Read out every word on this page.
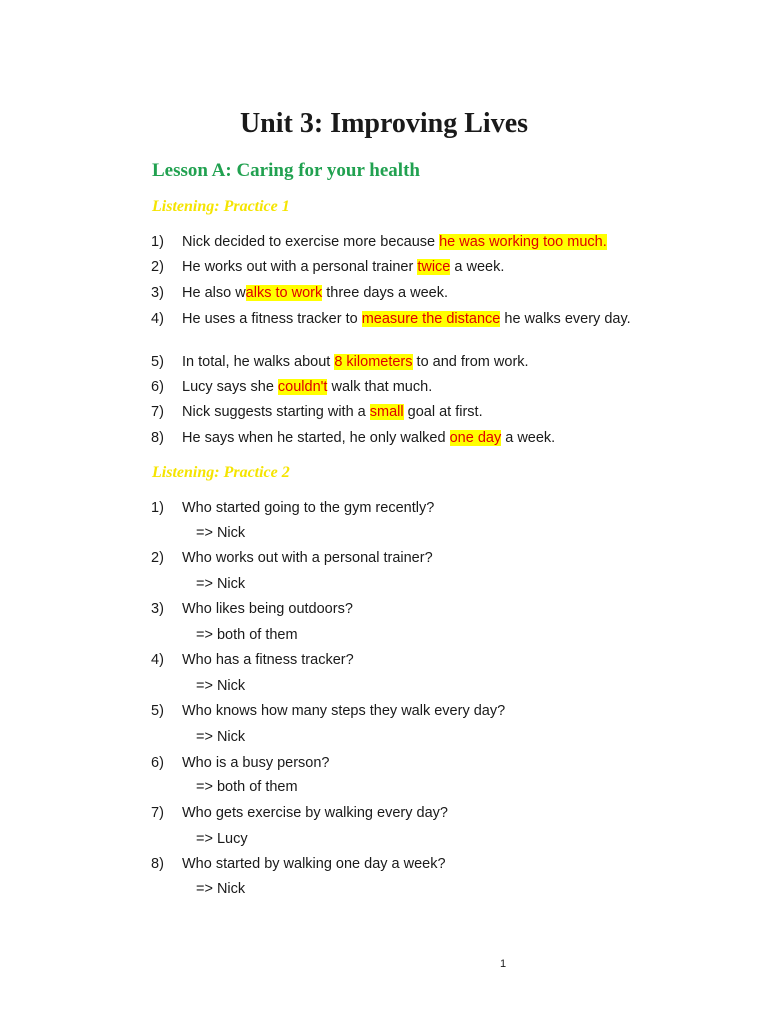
Unit 3: Improving Lives
Lesson A: Caring for your health
Listening: Practice 1
1) Nick decided to exercise more because he was working too much.
2) He works out with a personal trainer twice a week.
3) He also walks to work three days a week.
4) He uses a fitness tracker to measure the distance he walks every day.
5) In total, he walks about 8 kilometers to and from work.
6) Lucy says she couldn't walk that much.
7) Nick suggests starting with a small goal at first.
8) He says when he started, he only walked one day a week.
Listening: Practice 2
1) Who started going to the gym recently?
=> Nick
2) Who works out with a personal trainer?
=> Nick
3) Who likes being outdoors?
=> both of them
4) Who has a fitness tracker?
=> Nick
5) Who knows how many steps they walk every day?
=> Nick
6) Who is a busy person?
=> both of them
7) Who gets exercise by walking every day?
=> Lucy
8) Who started by walking one day a week?
=> Nick
1
